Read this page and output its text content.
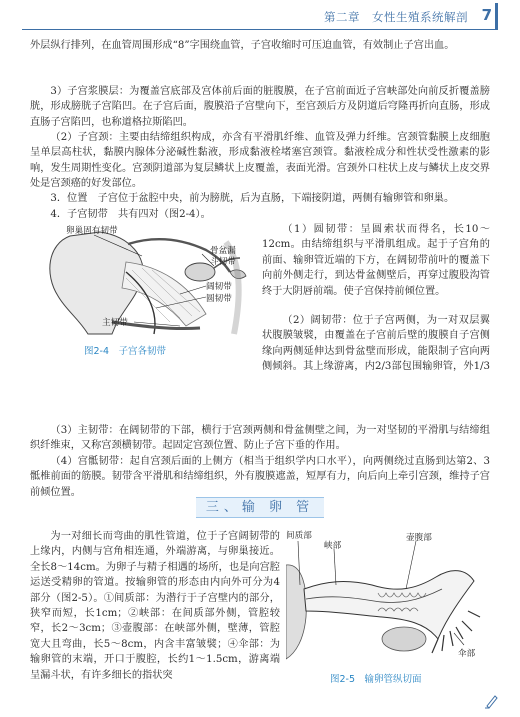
第二章　女性生殖系统解剖 7

外层纵行排列，在血管周围形成“8”字围绕血管，子宫收缩时可压迫血管，有效制止子宫出血。

3）子宫浆膜层：为覆盖宫底部及宫体前后面的脏腹膜，在子宫前面近子宫峡部处向前反折覆盖膀胱，形成膀胱子宫陷凹。在子宫后面，腹膜沿子宫壁向下，至宫颈后方及阴道后穹隆再折向直肠，形成直肠子宫陷凹，也称道格拉斯陷凹。

（2）子宫颈：主要由结缔组织构成，亦含有平滑肌纤维、血管及弹力纤维。宫颈管黏膜上皮细胞呈单层高柱状，黏膜内腺体分泌碱性黏液，形成黏液栓堵塞宫颈管。黏液栓成分和性状受性激素的影响，发生周期性变化。宫颈阴道部为复层鳞状上皮覆盖，表面光滑。宫颈外口柱状上皮与鳞状上皮交界处是宫颈癌的好发部位。

3．位置　子宫位于盆腔中央，前为膀胱，后为直肠，下端接阴道，两侧有输卵管和卵巢。

4．子宫韧带　共有四对（图2-4）。

卵巢固有韧带
骨盆漏
斗韧带
阔韧带
圆韧带
主韧带
图2-4　子宫各韧带

（1）圆韧带：呈圆索状而得名，长10～12cm。由结缔组织与平滑肌组成。起于子宫角的前面、输卵管近端的下方，在阔韧带前叶的覆盖下向前外侧走行，到达骨盆侧壁后，再穿过腹股沟管终于大阴唇前端。使子宫保持前倾位置。

（2）阔韧带：位于子宫两侧，为一对双层翼状腹膜皱襞，由覆盖在子宫前后壁的腹膜自子宫侧缘向两侧延伸达到骨盆壁而形成，能限制子宫向两侧倾斜。其上缘游离，内2/3部包围输卵管，外1/3

（3）主韧带：在阔韧带的下部，横行于宫颈两侧和骨盆侧壁之间，为一对坚韧的平滑肌与结缔组织纤维束，又称宫颈横韧带。起固定宫颈位置、防止子宫下垂的作用。

（4）宫骶韧带：起自宫颈后面的上侧方（相当于组织学内口水平），向两侧绕过直肠到达第2、3骶椎前面的筋膜。韧带含平滑肌和结缔组织，外有腹膜遮盖，短厚有力，向后向上牵引宫颈，维持子宫前倾位置。

三、输 卵 管

为一对细长而弯曲的肌性管道，位于子宫阔韧带的上缘内，内侧与宫角相连通，外端游离，与卵巢接近。全长8～14cm。为卵子与精子相遇的场所，也是向宫腔运送受精卵的管道。按输卵管的形态由内向外可分为4部分（图2-5）。①间质部：为潜行于子宫壁内的部分，狭窄而短，长1cm；②峡部：在间质部外侧，管腔较窄，长2～3cm；③壶腹部：在峡部外侧，壁薄，管腔宽大且弯曲，长5～8cm，内含丰富皱襞；④伞部：为输卵管的末端，开口于腹腔，长约1～1.5cm，游离端呈漏斗状，有许多细长的指状突

间质部
峡部
壶腹部
伞部
图2-5　输卵管纵切面
